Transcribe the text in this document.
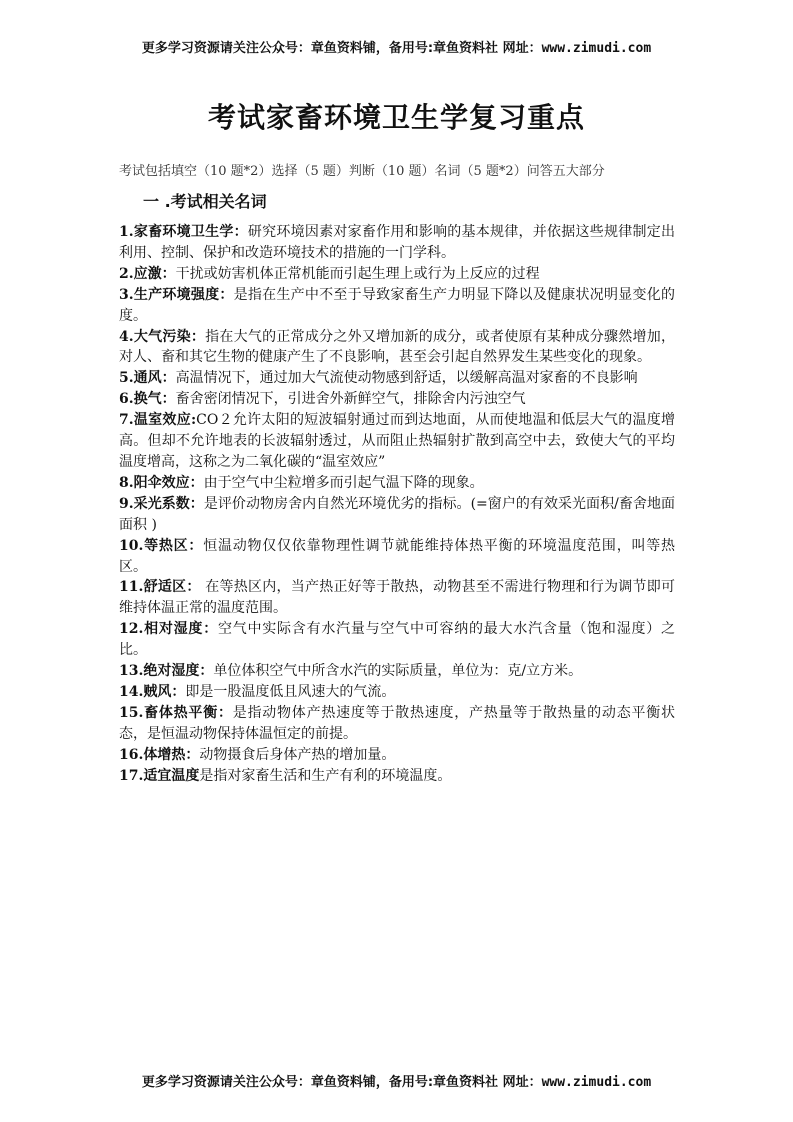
更多学习资源请关注公众号：章鱼资料铺，备用号:章鱼资料社 网址：www.zimudi.com
考试家畜环境卫生学复习重点
考试包括填空（10 题*2）选择（5 题）判断（10 题）名词（5 题*2）问答五大部分
一 .考试相关名词

1.家畜环境卫生学：研究环境因素对家畜作用和影响的基本规律，并依据这些规律制定出利用、控制、保护和改造环境技术的措施的一门学科。

2.应激：干扰或妨害机体正常机能而引起生理上或行为上反应的过程

3.生产环境强度：是指在生产中不至于导致家畜生产力明显下降以及健康状况明显变化的度。

4.大气污染：指在大气的正常成分之外又增加新的成分，或者使原有某种成分骤然增加，对人、畜和其它生物的健康产生了不良影响，甚至会引起自然界发生某些变化的现象。

5.通风：高温情况下，通过加大气流使动物感到舒适，以缓解高温对家畜的不良影响

6.换气：畜舍密闭情况下，引进舍外新鲜空气，排除舍内污浊空气

7.温室效应:CO２允许太阳的短波辐射通过而到达地面，从而使地温和低层大气的温度增高。但却不允许地表的长波辐射透过，从而阻止热辐射扩散到高空中去，致使大气的平均温度增高，这称之为二氧化碳的“温室效应”

8.阳伞效应：由于空气中尘粒增多而引起气温下降的现象。

9.采光系数：是评价动物房舍内自然光环境优劣的指标。(=窗户的有效采光面积/畜舍地面面积 )

10.等热区：恒温动物仅仅依靠物理性调节就能维持体热平衡的环境温度范围，叫等热区。

11.舒适区： 在等热区内，当产热正好等于散热，动物甚至不需进行物理和行为调节即可维持体温正常的温度范围。

12.相对湿度：空气中实际含有水汽量与空气中可容纳的最大水汽含量（饱和湿度）之比。

13.绝对湿度：单位体积空气中所含水汽的实际质量，单位为：克/立方米。

14.贼风：即是一股温度低且风速大的气流。

15.畜体热平衡：是指动物体产热速度等于散热速度，产热量等于散热量的动态平衡状态，是恒温动物保持体温恒定的前提。

16.体增热：动物摄食后身体产热的增加量。

17.适宜温度是指对家畜生活和生产有利的环境温度。

更多学习资源请关注公众号：章鱼资料铺，备用号:章鱼资料社 网址：www.zimudi.com
